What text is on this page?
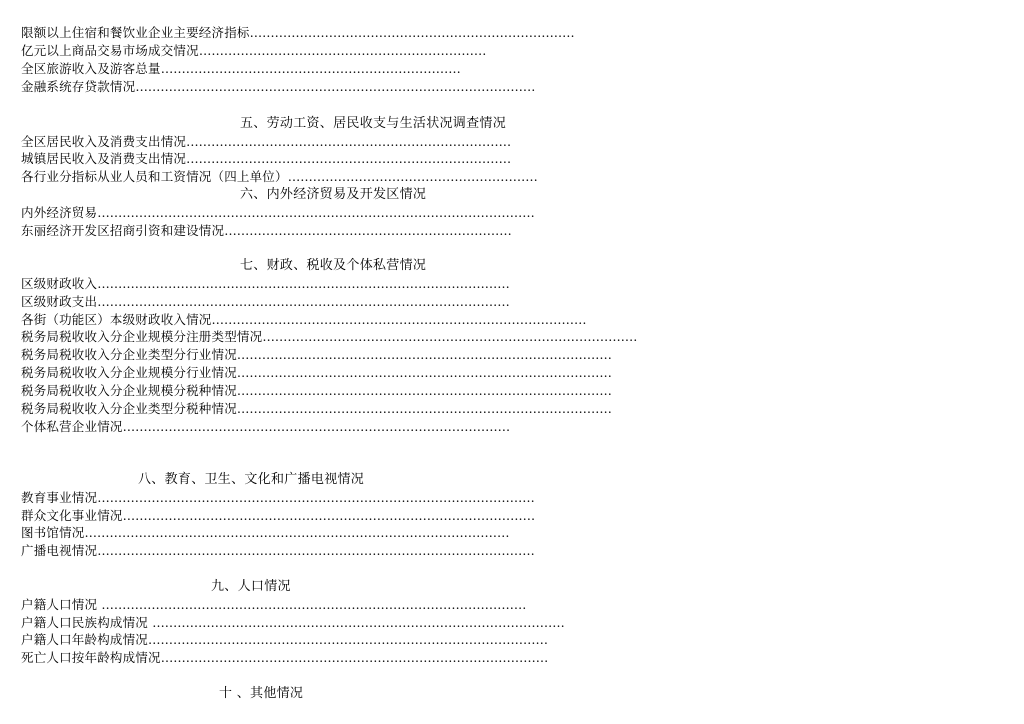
限额以上住宿和餐饮业企业主要经济指标……………………………………………………………………
亿元以上商品交易市场成交情况……………………………………………………………
全区旅游收入及游客总量………………………………………………………………
金融系统存贷款情况……………………………………………………………………………………
五、劳动工资、居民收支与生活状况调查情况
全区居民收入及消费支出情况……………………………………………………………………
城镇居民收入及消费支出情况……………………………………………………………………
各行业分指标从业人员和工资情况（四上单位）……………………………………………………
六、内外经济贸易及开发区情况
内外经济贸易……………………………………………………………………………………………
东丽经济开发区招商引资和建设情况……………………………………………………………
七、财政、税收及个体私营情况
区级财政收入………………………………………………………………………………………
区级财政支出………………………………………………………………………………………
各街（功能区）本级财政收入情况………………………………………………………………………………
税务局税收收入分企业规模分注册类型情况………………………………………………………………………………
税务局税收收入分企业类型分行业情况………………………………………………………………………………
税务局税收收入分企业规模分行业情况………………………………………………………………………………
税务局税收收入分企业规模分税种情况………………………………………………………………………………
税务局税收收入分企业类型分税种情况………………………………………………………………………………
个体私营企业情况…………………………………………………………………………………
八、教育、卫生、文化和广播电视情况
教育事业情况……………………………………………………………………………………………
群众文化事业情况………………………………………………………………………………………
图书馆情况…………………………………………………………………………………………
广播电视情况……………………………………………………………………………………………
九、人口情况
户籍人口情况 …………………………………………………………………………………………
户籍人口民族构成情况 ………………………………………………………………………………………
户籍人口年龄构成情况……………………………………………………………………………………
死亡人口按年龄构成情况…………………………………………………………………………………
十 、其他情况
